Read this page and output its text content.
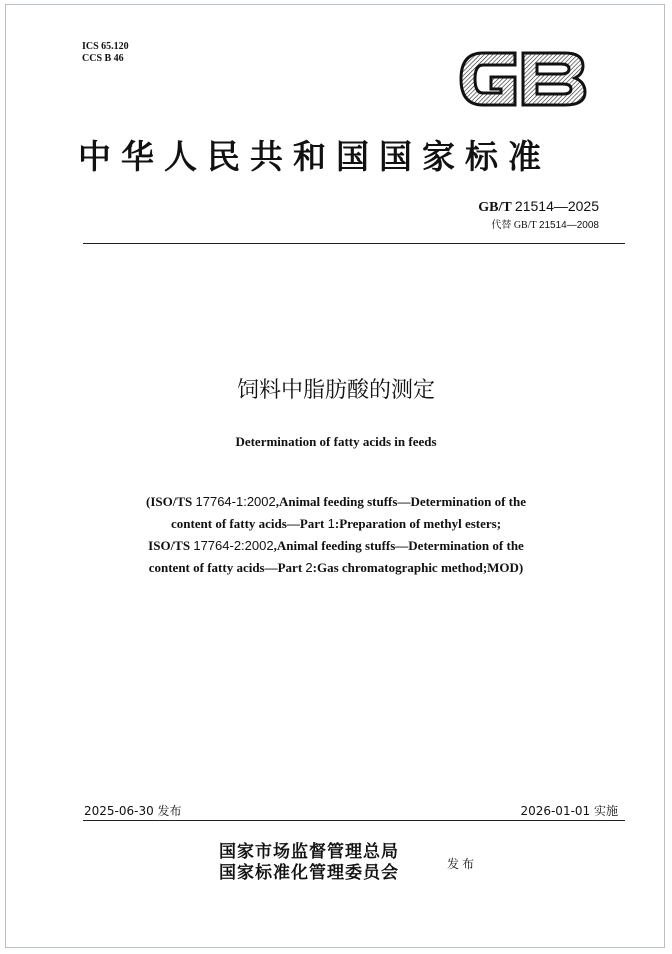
ICS 65.120
CCS B 46
中华人民共和国国家标准
GB/T 21514—2025
代替 GB/T 21514—2008
饲料中脂肪酸的测定
Determination of fatty acids in feeds
(ISO/TS 17764-1:2002,Animal feeding stuffs—Determination of the
content of fatty acids—Part 1:Preparation of methyl esters;
ISO/TS 17764-2:2002,Animal feeding stuffs—Determination of the
content of fatty acids—Part 2:Gas chromatographic method;MOD)
2025-06-30 发布	2026-01-01 实施
国家市场监督管理总局
国家标准化管理委员会	发布
